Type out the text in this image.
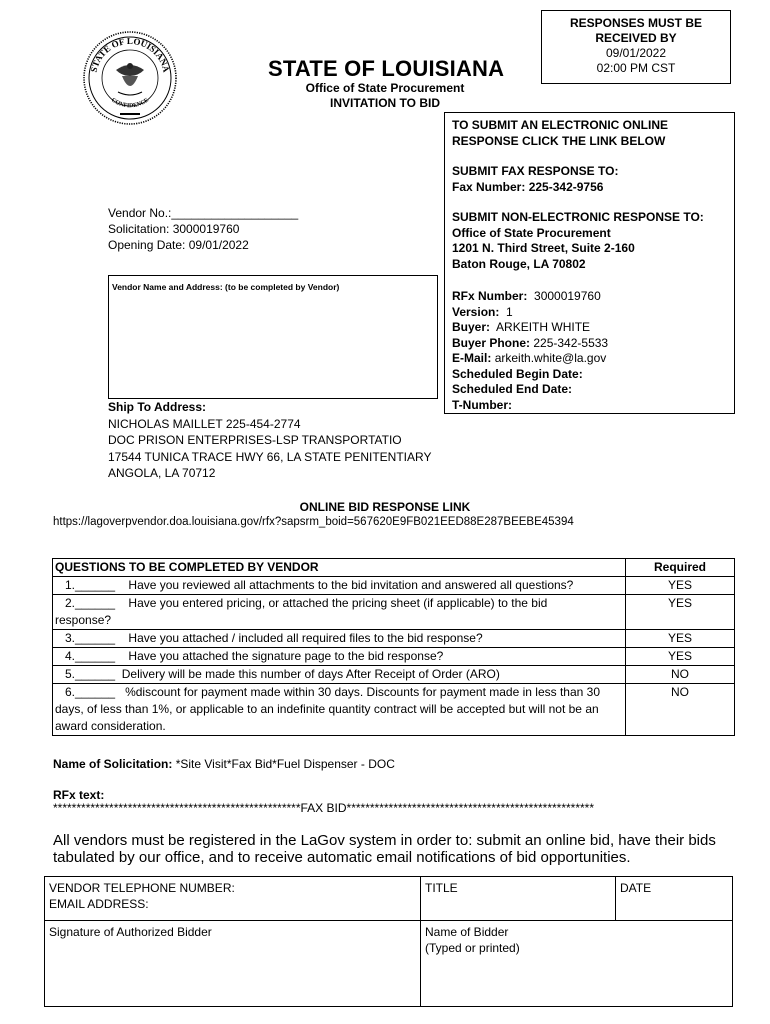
STATE OF LOUISIANA
CONFIDENCE
STATE OF LOUISIANA
Office of State Procurement
INVITATION TO BID
RESPONSES MUST BE
RECEIVED BY
09/01/2022
02:00 PM CST
TO SUBMIT AN ELECTRONIC ONLINE
RESPONSE CLICK THE LINK BELOW
SUBMIT FAX RESPONSE TO:
Fax Number: 225-342-9756
SUBMIT NON-ELECTRONIC RESPONSE TO:
Office of State Procurement
1201 N. Third Street, Suite 2-160
Baton Rouge, LA 70802
RFx Number: 3000019760
Version: 1
Buyer: ARKEITH WHITE
Buyer Phone: 225-342-5533
E-Mail: arkeith.white@la.gov
Scheduled Begin Date:
Scheduled End Date:
T-Number:
Vendor No.:___________________
Solicitation: 3000019760
Opening Date: 09/01/2022
Vendor Name and Address: (to be completed by Vendor)
Ship To Address:
NICHOLAS MAILLET 225-454-2774
DOC PRISON ENTERPRISES-LSP TRANSPORTATIO
17544 TUNICA TRACE HWY 66, LA STATE PENITENTIARY
ANGOLA, LA 70712
ONLINE BID RESPONSE LINK
https://lagoverpvendor.doa.louisiana.gov/rfx?sapsrm_boid=567620E9FB021EED88E287BEEBE45394
QUESTIONS TO BE COMPLETED BY VENDOR	Required
1.______ Have you reviewed all attachments to the bid invitation and answered all questions?	YES
2.______ Have you entered pricing, or attached the pricing sheet (if applicable) to the bid
response?	YES
3.______ Have you attached / included all required files to the bid response?	YES
4.______ Have you attached the signature page to the bid response?	YES
5.______ Delivery will be made this number of days After Receipt of Order (ARO)	NO
6.______ %discount for payment made within 30 days. Discounts for payment made in less than 30
days, of less than 1%, or applicable to an indefinite quantity contract will be accepted but will not be an
award consideration.	NO
Name of Solicitation: *Site Visit*Fax Bid*Fuel Dispenser - DOC
RFx text:
*****************************************************FAX BID*****************************************************
All vendors must be registered in the LaGov system in order to: submit an online bid, have their bids tabulated by our office, and to receive automatic email notifications of bid opportunities.
VENDOR TELEPHONE NUMBER:
EMAIL ADDRESS:	TITLE	DATE

Signature of Authorized Bidder	Name of Bidder
(Typed or printed)	
